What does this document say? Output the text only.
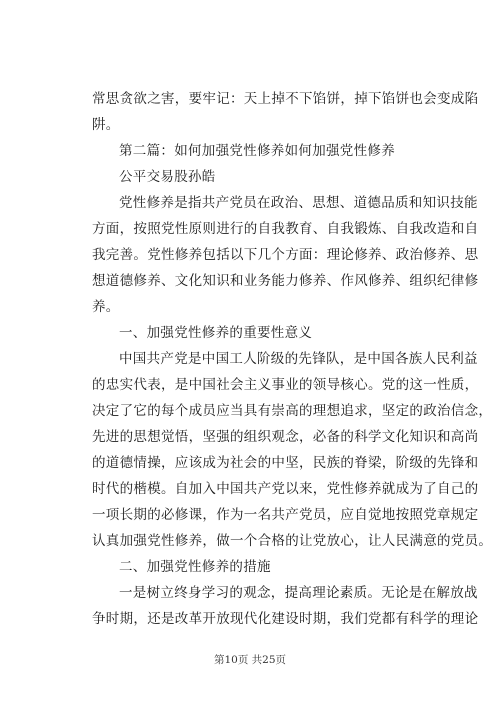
常思贪欲之害，要牢记：天上掉不下馅饼，掉下馅饼也会变成陷
阱。
第二篇：如何加强党性修养如何加强党性修养
公平交易股孙皓
党性修养是指共产党员在政治、思想、道德品质和知识技能
方面，按照党性原则进行的自我教育、自我锻炼、自我改造和自
我完善。党性修养包括以下几个方面：理论修养、政治修养、思
想道德修养、文化知识和业务能力修养、作风修养、组织纪律修
养。
一、加强党性修养的重要性意义
中国共产党是中国工人阶级的先锋队，是中国各族人民利益
的忠实代表，是中国社会主义事业的领导核心。党的这一性质，
决定了它的每个成员应当具有崇高的理想追求，坚定的政治信念，
先进的思想觉悟，坚强的组织观念，必备的科学文化知识和高尚
的道德情操，应该成为社会的中坚，民族的脊梁，阶级的先锋和
时代的楷模。自加入中国共产党以来，党性修养就成为了自己的
一项长期的必修课，作为一名共产党员，应自觉地按照党章规定
认真加强党性修养，做一个合格的让党放心，让人民满意的党员。
二、加强党性修养的措施
一是树立终身学习的观念，提高理论素质。无论是在解放战
争时期，还是改革开放现代化建设时期，我们党都有科学的理论
第10页 共25页
